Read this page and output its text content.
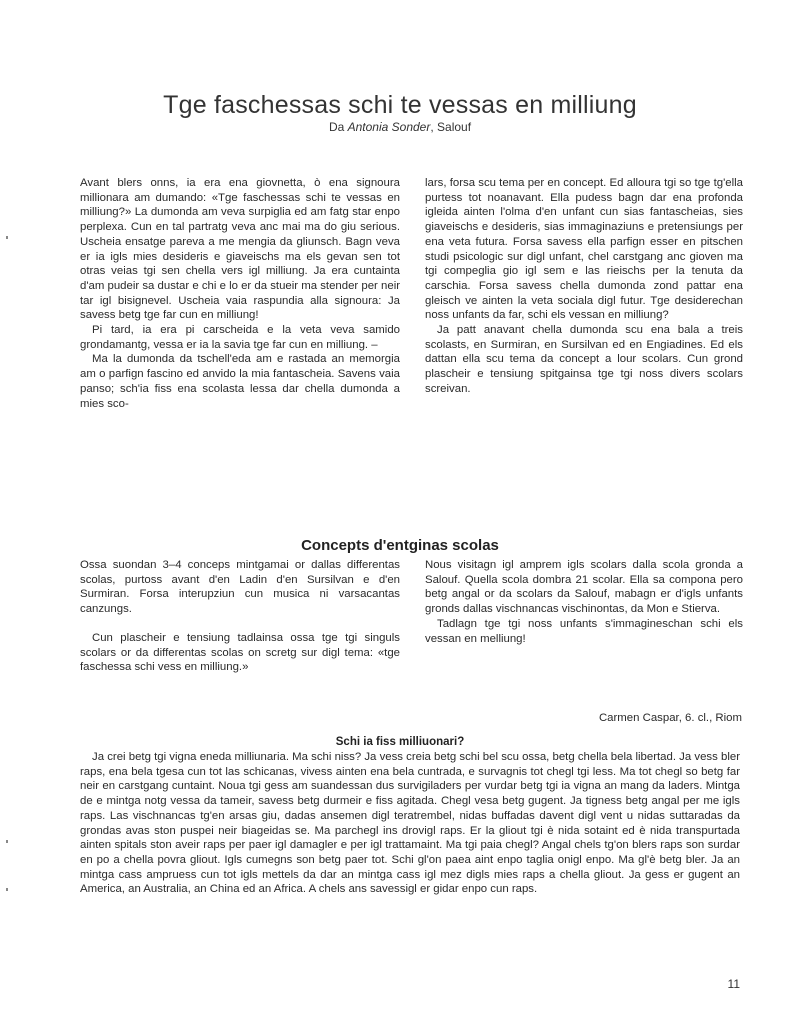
Tge faschessas schi te vessas en milliung
Da Antonia Sonder, Salouf

Avant blers onns, ia era ena giovnetta, ò ena signoura millionara am dumando: «Tge faschessas schi te vessas en milliung?» La dumonda am veva surpiglia ed am fatg star enpo perplexa. Cun en tal partratg veva anc mai ma do giu serious. Uscheia ensatge pareva a me mengia da gliunsch. Bagn veva er ia igls mies desideris e giaveischs ma els gevan sen tot otras veias tgi sen chella vers igl milliung. Ja era cuntainta d'am pudeir sa dustar e chi e lo er da stueir ma stender per neir tar igl bisignevel. Uscheia vaia raspundia alla signoura: Ja savess betg tge far cun en milliung!

Pi tard, ia era pi carscheida e la veta veva samido grondamantg, vessa er ia la savia tge far cun en milliung. –

Ma la dumonda da tschell'eda am e rastada an memorgia am o parfign fascino ed anvido la mia fantascheia. Savens vaia panso; sch'ia fiss ena scolasta lessa dar chella dumonda a mies sco-

lars, forsa scu tema per en concept. Ed alloura tgi so tge tg'ella purtess tot noanavant. Ella pudess bagn dar ena profonda igleida ainten l'olma d'en unfant cun sias fantascheias, sies giaveischs e desideris, sias immaginaziuns e pretensiungs per ena veta futura. Forsa savess ella parfign esser en pitschen studi psicologic sur digl unfant, chel carstgang anc gioven ma tgi compeglia gio igl sem e las rieischs per la tenuta da carschia. Forsa savess chella dumonda zond pattar ena gleisch ve ainten la veta sociala digl futur. Tge desiderechan noss unfants da far, schi els vessan en milliung?

Ja patt anavant chella dumonda scu ena bala a treis scolasts, en Surmiran, en Sursilvan ed en Engiadines. Ed els dattan ella scu tema da concept a lour scolars. Cun grond plascheir e tensiung spitgainsa tge tgi noss divers scolars screivan.

Concepts d'entginas scolas

Ossa suondan 3–4 conceps mintgamai or dallas differentas scolas, purtoss avant d'en Ladin d'en Sursilvan e d'en Surmiran. Forsa interupziun cun musica ni varsacantas canzungs.

Cun plascheir e tensiung tadlainsa ossa tge tgi singuls scolars or da differentas scolas on scretg sur digl tema: «tge faschessa schi vess en milliung.»

Nous visitagn igl amprem igls scolars dalla scola gronda a Salouf. Quella scola dombra 21 scolar. Ella sa compona pero betg angal or da scolars da Salouf, mabagn er d'igls unfants gronds dallas vischnancas vischinontas, da Mon e Stierva.

Tadlagn tge tgi noss unfants s'immagineschan schi els vessan en melliung!

Carmen Caspar, 6. cl., Riom
Schi ia fiss milliuonari?

Ja crei betg tgi vigna eneda milliunaria. Ma schi niss? Ja vess creia betg schi bel scu ossa, betg chella bela libertad. Ja vess bler raps, ena bela tgesa cun tot las schicanas, vivess ainten ena bela cuntrada, e survagnis tot chegl tgi less. Ma tot chegl so betg far neir en carstgang cuntaint. Noua tgi gess am suandessan dus survigiladers per vurdar betg tgi ia vigna an mang da laders. Mintga de e mintga notg vessa da tameir, savess betg durmeir e fiss agitada. Chegl vesa betg gugent. Ja tigness betg angal per me igls raps. Las vischnancas tg'en arsas giu, dadas ansemen digl teratrembel, nidas buffadas davent digl vent u nidas suttaradas da grondas avas ston puspei neir biageidas se. Ma parchegl ins drovigl raps. Er la gliout tgi è nida sotaint ed è nida transpurtada ainten spitals ston aveir raps per paer igl damagler e per igl trattamaint. Ma tgi paia chegl? Angal chels tg'on blers raps son surdar en po a chella povra gliout. Igls cumegns son betg paer tot. Schi gl'on paea aint enpo taglia onigl enpo. Ma gl'è betg bler. Ja an mintga cass ampruess cun tot igls mettels da dar an mintga cass igl mez digls mies raps a chella gliout. Ja gess er gugent an America, an Australia, an China ed an Africa. A chels ans savessigl er gidar enpo cun raps.

11
